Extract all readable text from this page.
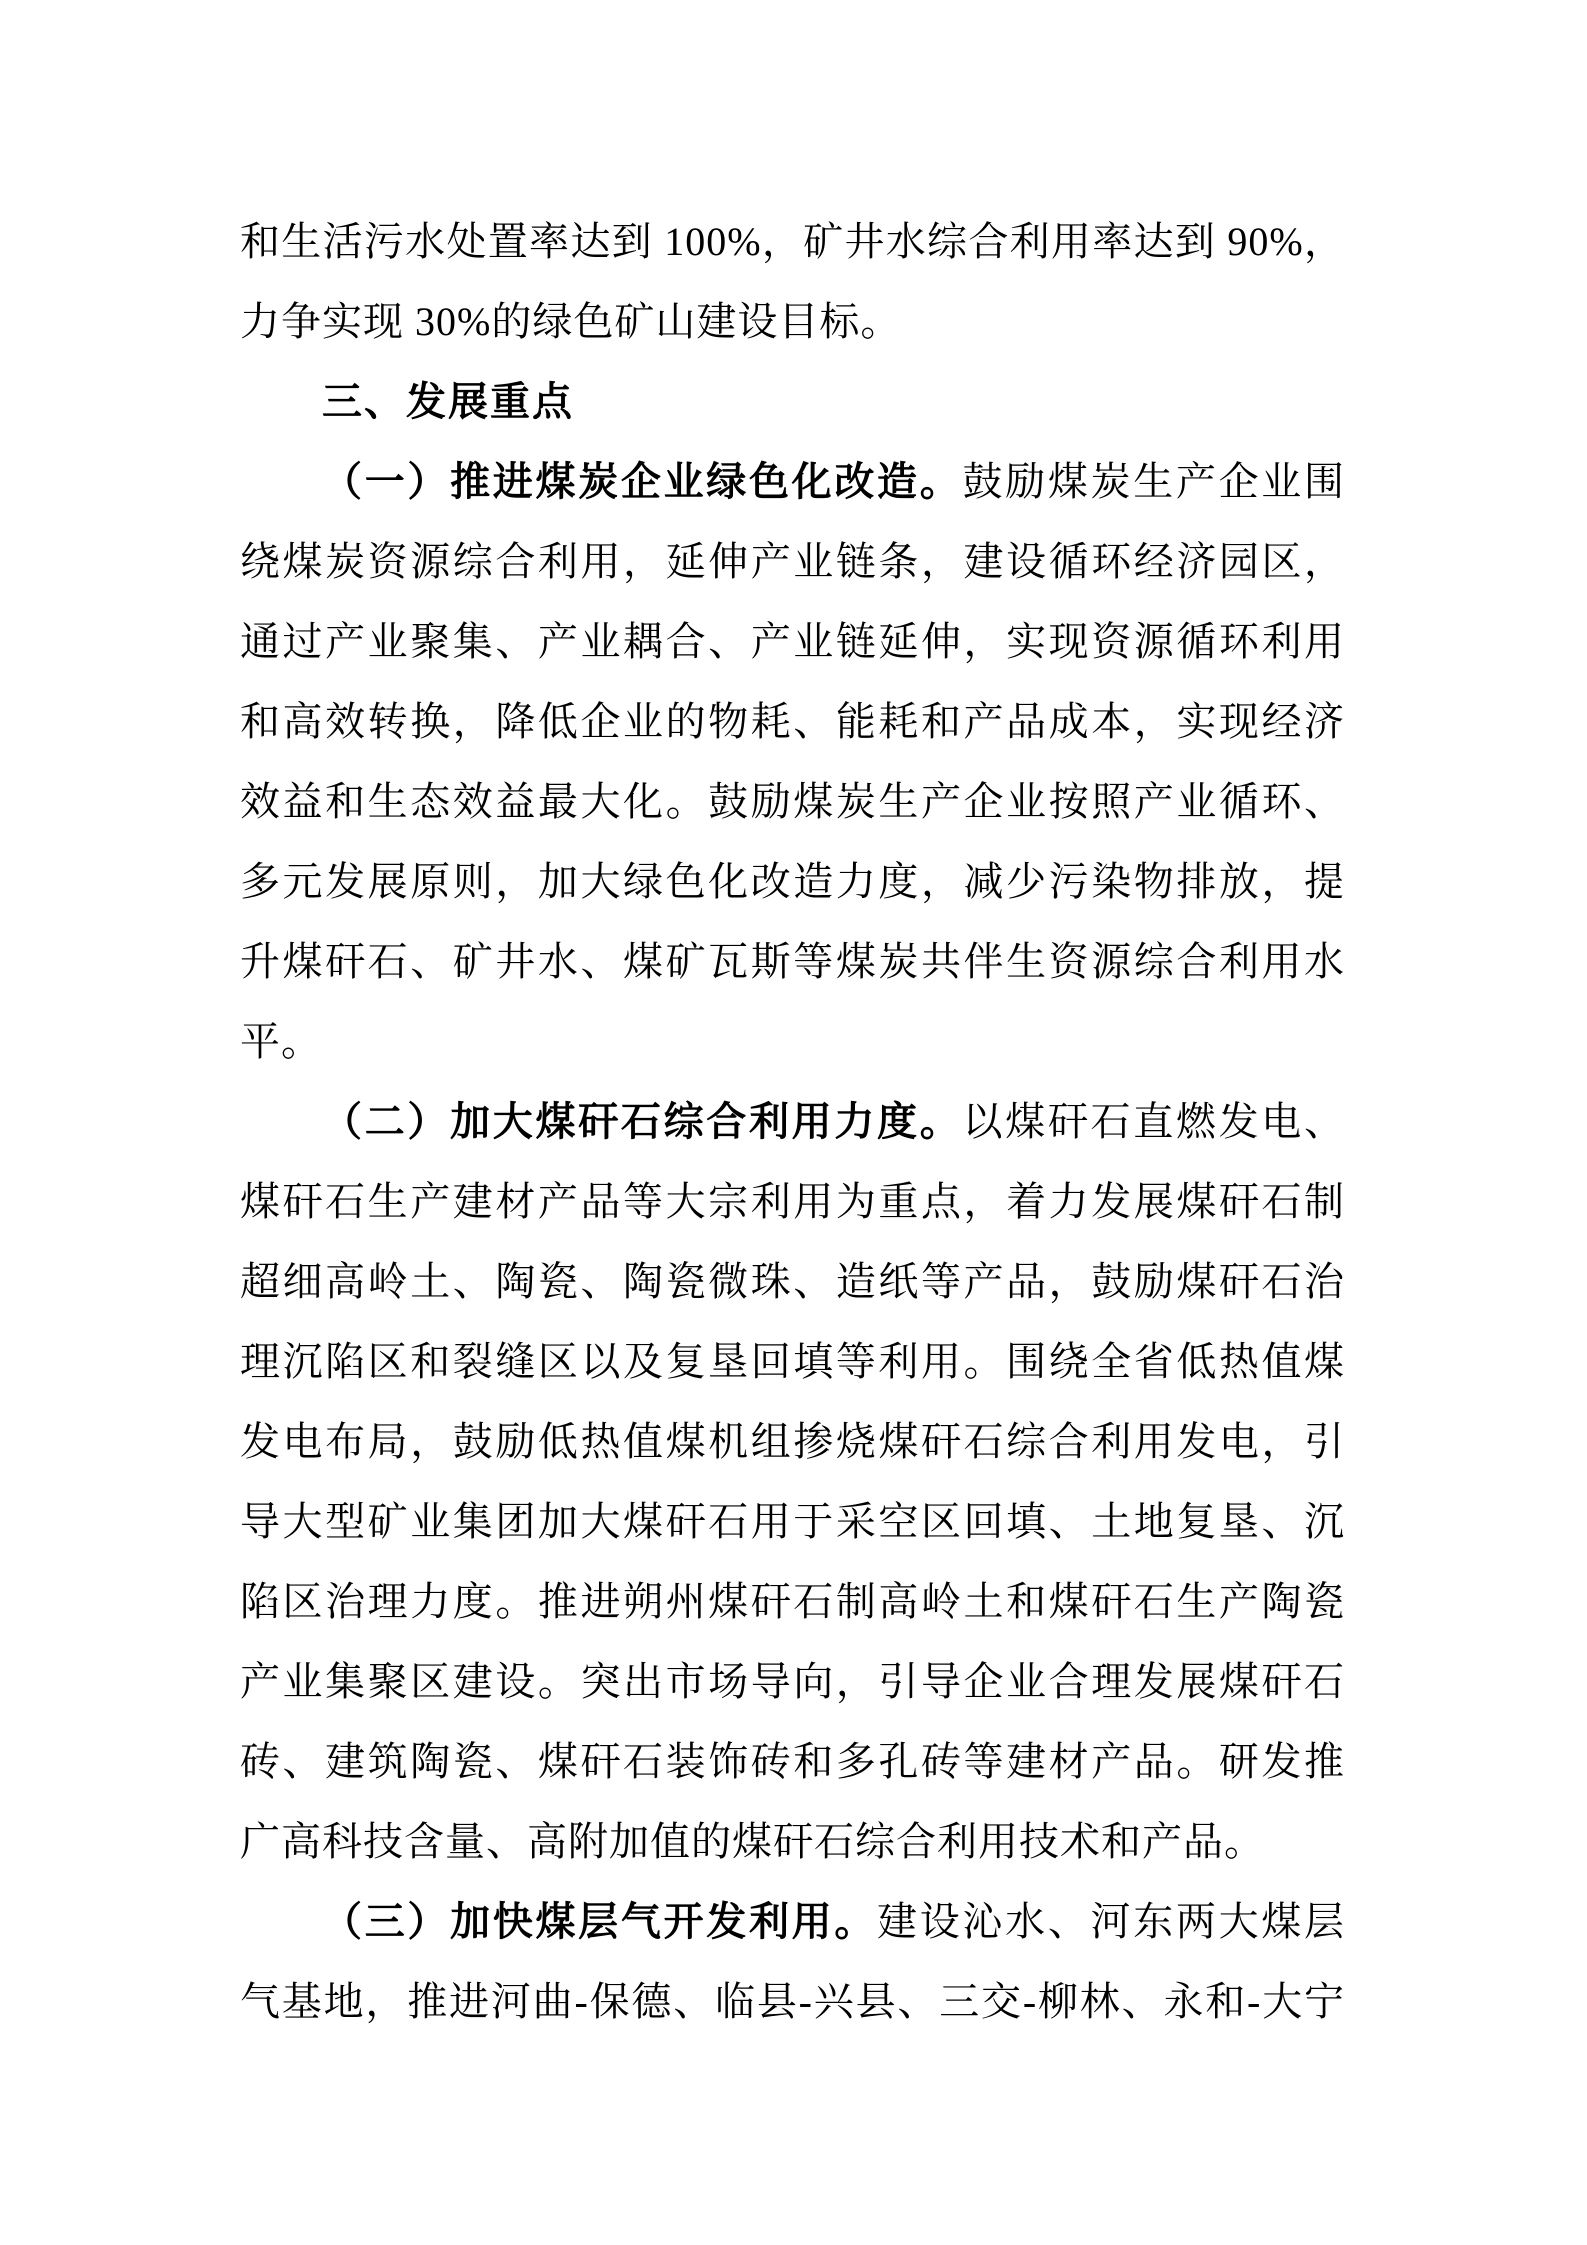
和生活污水处置率达到 100%，矿井水综合利用率达到 90%，
力争实现 30%的绿色矿山建设目标。
三、发展重点
（一）推进煤炭企业绿色化改造。鼓励煤炭生产企业围
绕煤炭资源综合利用，延伸产业链条，建设循环经济园区，
通过产业聚集、产业耦合、产业链延伸，实现资源循环利用
和高效转换，降低企业的物耗、能耗和产品成本，实现经济
效益和生态效益最大化。鼓励煤炭生产企业按照产业循环、
多元发展原则，加大绿色化改造力度，减少污染物排放，提
升煤矸石、矿井水、煤矿瓦斯等煤炭共伴生资源综合利用水
平。
（二）加大煤矸石综合利用力度。以煤矸石直燃发电、
煤矸石生产建材产品等大宗利用为重点，着力发展煤矸石制
超细高岭土、陶瓷、陶瓷微珠、造纸等产品，鼓励煤矸石治
理沉陷区和裂缝区以及复垦回填等利用。围绕全省低热值煤
发电布局，鼓励低热值煤机组掺烧煤矸石综合利用发电，引
导大型矿业集团加大煤矸石用于采空区回填、土地复垦、沉
陷区治理力度。推进朔州煤矸石制高岭土和煤矸石生产陶瓷
产业集聚区建设。突出市场导向，引导企业合理发展煤矸石
砖、建筑陶瓷、煤矸石装饰砖和多孔砖等建材产品。研发推
广高科技含量、高附加值的煤矸石综合利用技术和产品。
（三）加快煤层气开发利用。建设沁水、河东两大煤层
气基地，推进河曲-保德、临县-兴县、三交-柳林、永和-大宁
